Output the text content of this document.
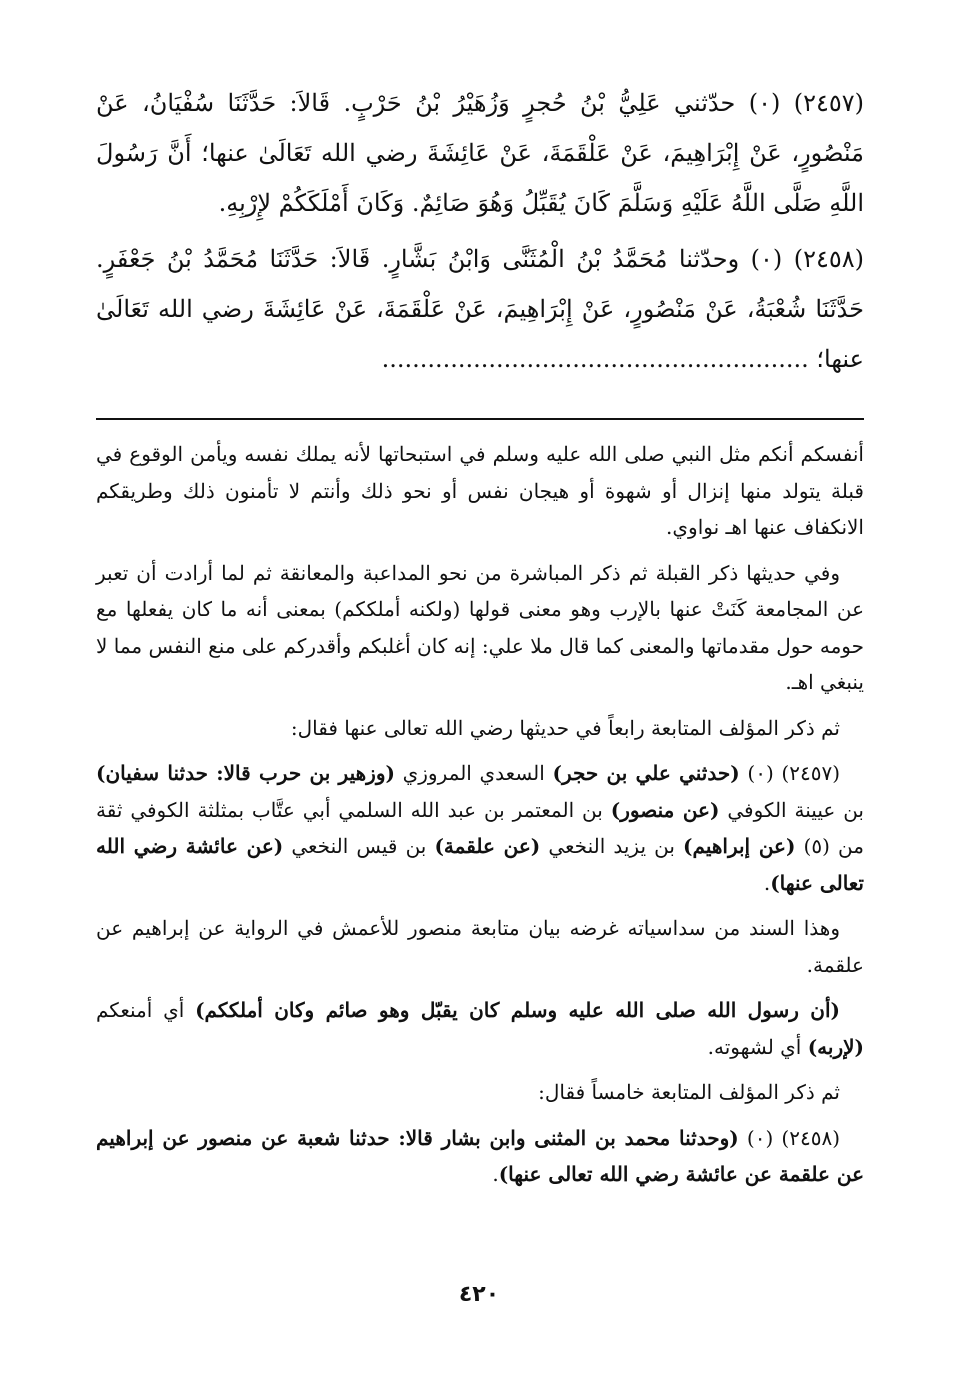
(٢٤٥٧) (٠) حدّثني عَلِيُّ بْنُ حُجرٍ وَزُهَيْرُ بْنُ حَرْبٍ. قَالاَ: حَدَّثَنَا سُفْيَانُ، عَنْ مَنْصُورٍ، عَنْ إِبْرَاهِيمَ، عَنْ عَلْقَمَةَ، عَنْ عَائِشَةَ رضي الله تَعَالَىٰ عنها؛ أَنَّ رَسُولَ اللَّهِ صَلَّى اللَّهُ عَلَيْهِ وَسَلَّمَ كَانَ يُقَبِّلُ وَهُوَ صَائِمٌ. وَكَانَ أَمْلَكَكُمْ لإِرْبِهِ.

(٢٤٥٨) (٠) وحدّثنا مُحَمَّدُ بْنُ الْمُثَنَّى وَابْنُ بَشَّارٍ. قَالاَ: حَدَّثَنَا مُحَمَّدُ بْنُ جَعْفَرٍ. حَدَّثَنَا شُعْبَةُ، عَنْ مَنْصُورٍ، عَنْ إِبْرَاهِيمَ، عَنْ عَلْقَمَةَ، عَنْ عَائِشَةَ رضي الله تَعَالَىٰ عنها؛ ........................................................

أنفسكم أنكم مثل النبي صلى الله عليه وسلم في استبحاتها لأنه يملك نفسه ويأمن الوقوع في قبلة يتولد منها إنزال أو شهوة أو هيجان نفس أو نحو ذلك وأنتم لا تأمنون ذلك وطريقكم الانكفاف عنها اهـ نواوي.

وفي حديثها ذكر القبلة ثم ذكر المباشرة من نحو المداعبة والمعانقة ثم لما أرادت أن تعبر عن المجامعة كَنَتْ عنها بالإرب وهو معنى قولها (ولكنه أملككم) بمعنى أنه ما كان يفعلها مع حومه حول مقدماتها والمعنى كما قال ملا علي: إنه كان أغلبكم وأقدركم على منع النفس مما لا ينبغي اهـ.

ثم ذكر المؤلف المتابعة رابعاً في حديثها رضي الله تعالى عنها فقال:

(٢٤٥٧) (٠) (حدثني علي بن حجر) السعدي المروزي (وزهير بن حرب قالا: حدثنا سفيان) بن عيينة الكوفي (عن منصور) بن المعتمر بن عبد الله السلمي أبي عتَّاب بمثلثة الكوفي ثقة من (٥) (عن إبراهيم) بن يزيد النخعي (عن علقمة) بن قيس النخعي (عن عائشة رضي الله تعالى عنها).

وهذا السند من سداسياته غرضه بيان متابعة منصور للأعمش في الرواية عن إبراهيم عن علقمة.

(أن رسول الله صلى الله عليه وسلم كان يقبّل وهو صائم وكان أملككم) أي أمنعكم (لإربه) أي لشهوته.

ثم ذكر المؤلف المتابعة خامساً فقال:

(٢٤٥٨) (٠) (وحدثنا محمد بن المثنى وابن بشار قالا: حدثنا شعبة عن منصور عن إبراهيم عن علقمة عن عائشة رضي الله تعالى عنها).

٤٢٠
